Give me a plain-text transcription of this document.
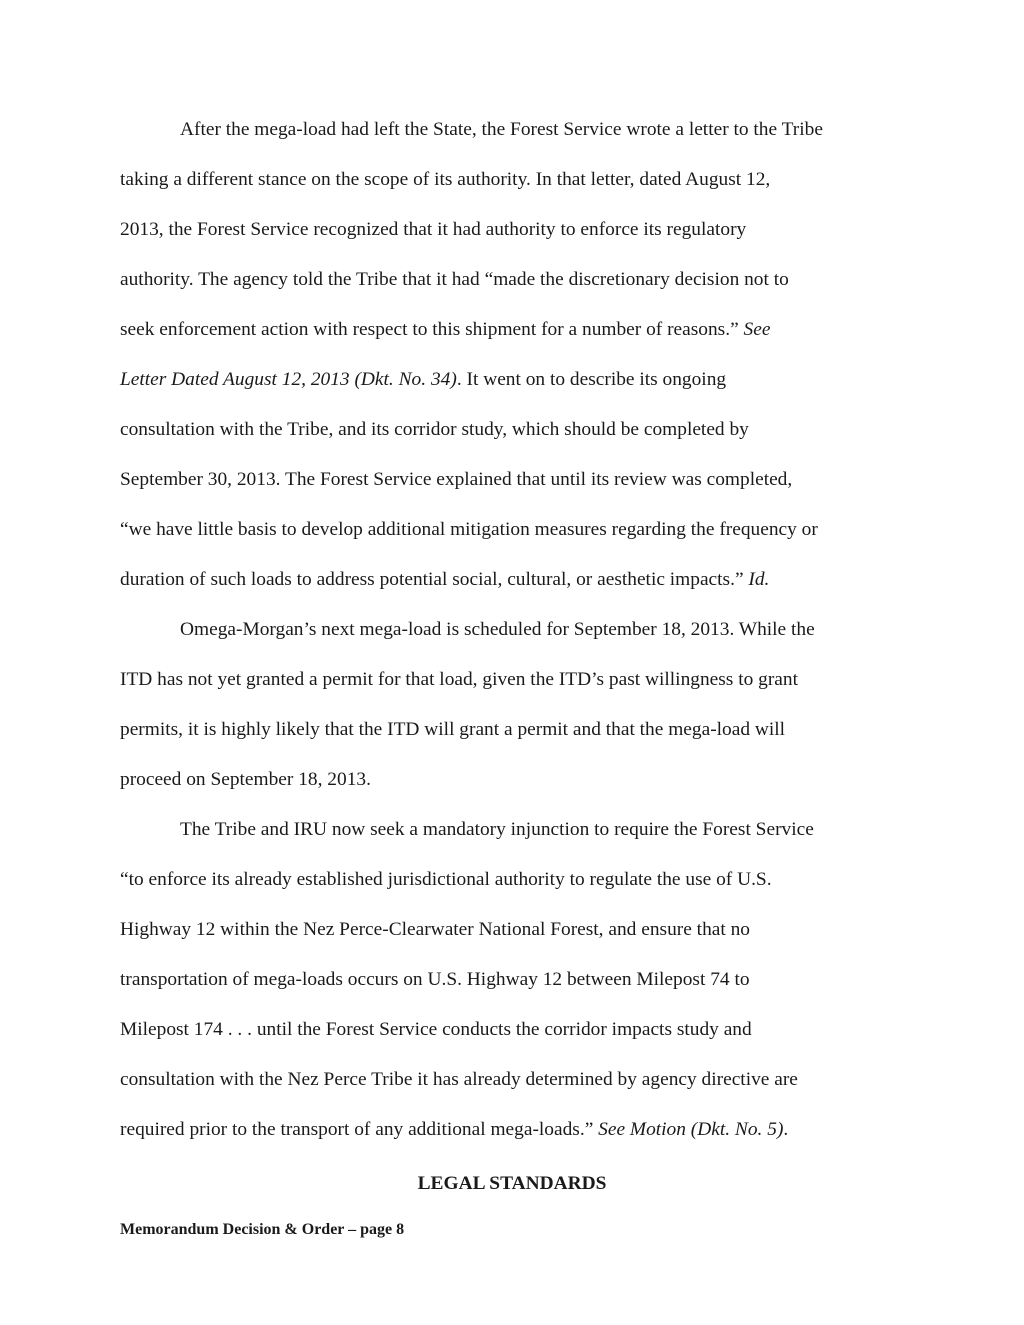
After the mega-load had left the State, the Forest Service wrote a letter to the Tribe
taking a different stance on the scope of its authority. In that letter, dated August 12,
2013, the Forest Service recognized that it had authority to enforce its regulatory
authority. The agency told the Tribe that it had “made the discretionary decision not to
seek enforcement action with respect to this shipment for a number of reasons.” See
Letter Dated August 12, 2013 (Dkt. No. 34). It went on to describe its ongoing
consultation with the Tribe, and its corridor study, which should be completed by
September 30, 2013. The Forest Service explained that until its review was completed,
“we have little basis to develop additional mitigation measures regarding the frequency or
duration of such loads to address potential social, cultural, or aesthetic impacts.” Id.
Omega-Morgan’s next mega-load is scheduled for September 18, 2013. While the
ITD has not yet granted a permit for that load, given the ITD’s past willingness to grant
permits, it is highly likely that the ITD will grant a permit and that the mega-load will
proceed on September 18, 2013.
The Tribe and IRU now seek a mandatory injunction to require the Forest Service
“to enforce its already established jurisdictional authority to regulate the use of U.S.
Highway 12 within the Nez Perce-Clearwater National Forest, and ensure that no
transportation of mega-loads occurs on U.S. Highway 12 between Milepost 74 to
Milepost 174 . . . until the Forest Service conducts the corridor impacts study and
consultation with the Nez Perce Tribe it has already determined by agency directive are
required prior to the transport of any additional mega-loads.” See Motion (Dkt. No. 5).
LEGAL STANDARDS
Memorandum Decision & Order – page 8
